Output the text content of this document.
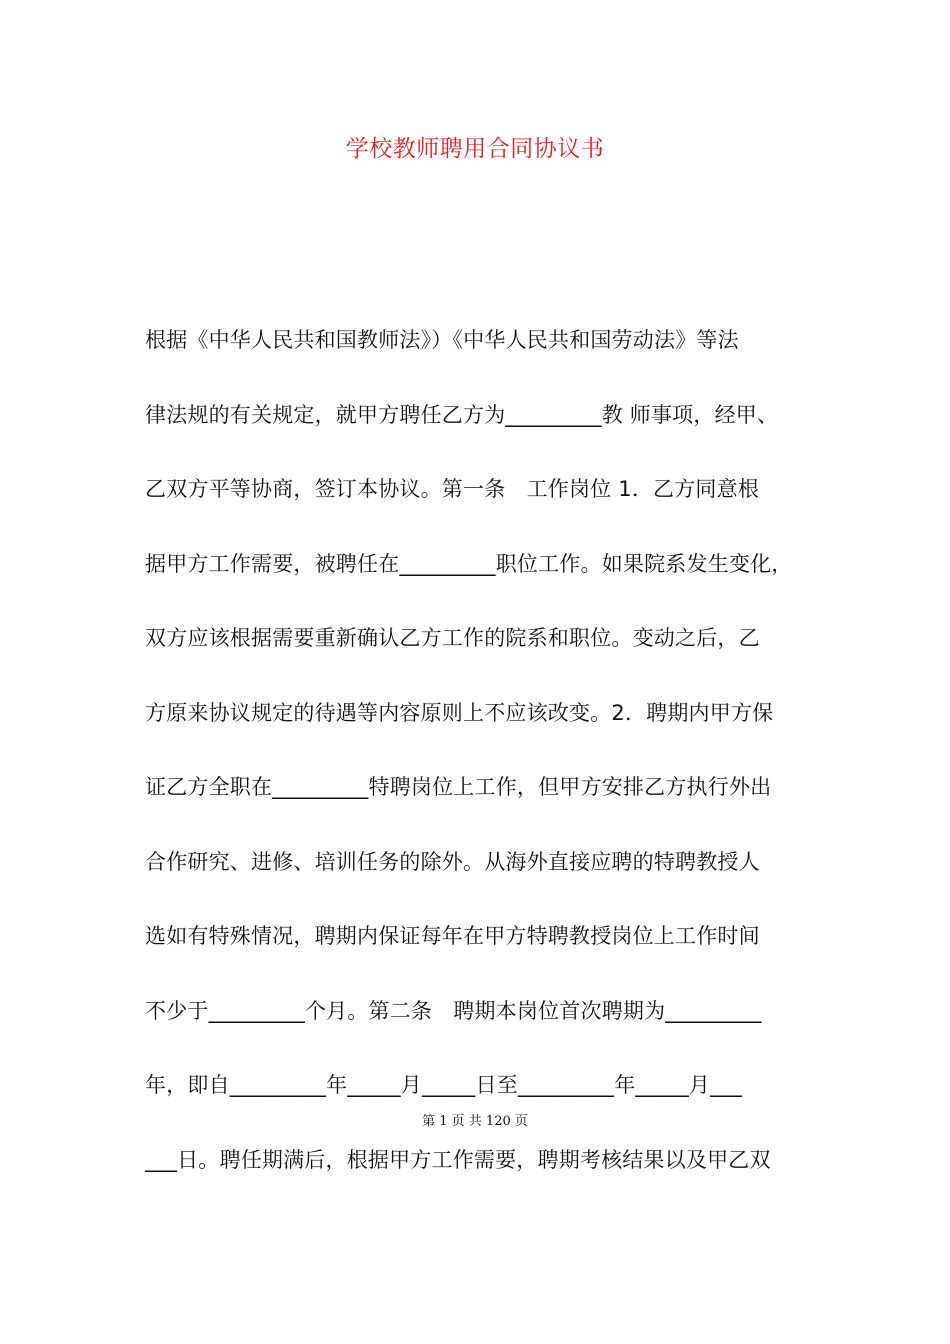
学校教师聘用合同协议书
根据《中华人民共和国教师法》）《中华人民共和国劳动法》等法
律法规的有关规定，就甲方聘任乙方为_________教 师事项，经甲、
乙双方平等协商，签订本协议。第一条　工作岗位 1．乙方同意根
据甲方工作需要，被聘任在_________职位工作。如果院系发生变化，
双方应该根据需要重新确认乙方工作的院系和职位。变动之后，乙
方原来协议规定的待遇等内容原则上不应该改变。2．聘期内甲方保
证乙方全职在_________特聘岗位上工作，但甲方安排乙方执行外出
合作研究、进修、培训任务的除外。从海外直接应聘的特聘教授人
选如有特殊情况，聘期内保证每年在甲方特聘教授岗位上工作时间
不少于_________个月。第二条　聘期本岗位首次聘期为_________
年，即自_________年_____月_____日至_________年_____月___
第 1 页 共 120 页
___日。聘任期满后，根据甲方工作需要，聘期考核结果以及甲乙双
